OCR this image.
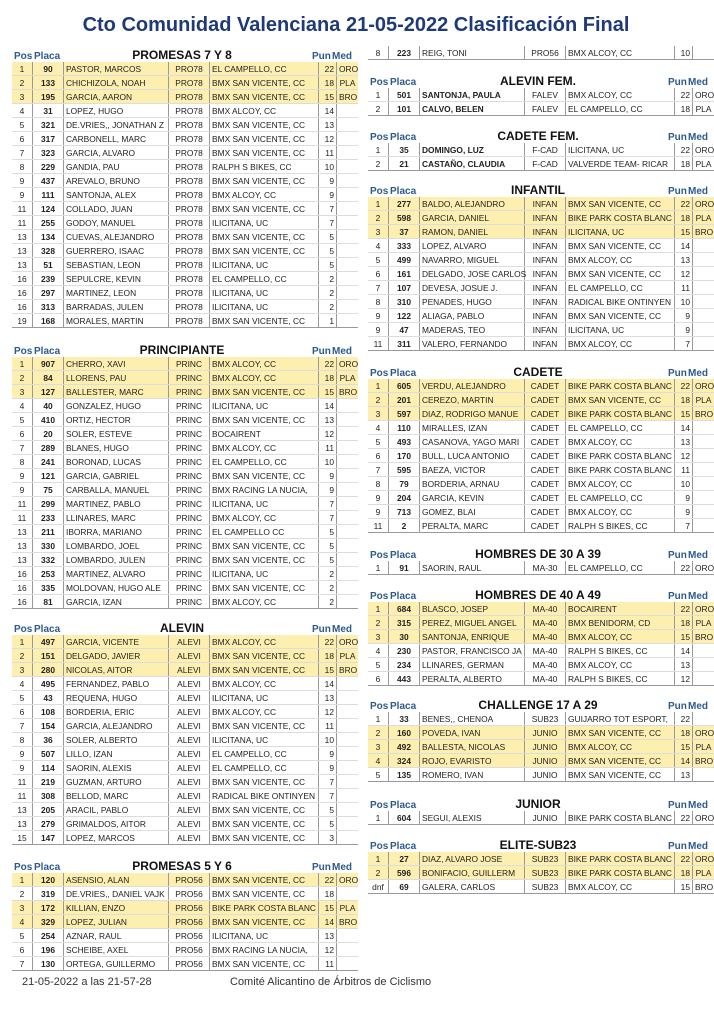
Cto Comunidad Valenciana 21-05-2022 Clasificación Final
Pos Placa	PROMESAS 7 Y 8	Pun Med
1	90	PASTOR, MARCOS	PRO78	EL CAMPELLO, CC	22	ORO
2	133	CHICHIZOLA, NOAH	PRO78	BMX SAN VICENTE, CC	18	PLA
3	195	GARCIA, AARON	PRO78	BMX SAN VICENTE, CC	15	BRO
4	31	LOPEZ, HUGO	PRO78	BMX ALCOY, CC	14	
5	321	DE.VRIES,, JONATHAN Z	PRO78	BMX SAN VICENTE, CC	13	
6	317	CARBONELL, MARC	PRO78	BMX SAN VICENTE, CC	12	
7	323	GARCIA, ALVARO	PRO78	BMX SAN VICENTE, CC	11	
8	229	GANDIA, PAU	PRO78	RALPH S BIKES, CC	10	
9	437	AREVALO, BRUNO	PRO78	BMX SAN VICENTE, CC	9	
9	111	SANTONJA, ALEX	PRO78	BMX ALCOY, CC	9	
11	124	COLLADO, JUAN	PRO78	BMX SAN VICENTE, CC	7	
11	255	GODOY, MANUEL	PRO78	ILICITANA, UC	7	
13	134	CUEVAS, ALEJANDRO	PRO78	BMX SAN VICENTE, CC	5	
13	328	GUERRERO, ISAAC	PRO78	BMX SAN VICENTE, CC	5	
13	51	SEBASTIAN, LEON	PRO78	ILICITANA, UC	5	
16	239	SEPULCRE, KEVIN	PRO78	EL CAMPELLO, CC	2	
16	297	MARTINEZ, LEON	PRO78	ILICITANA, UC	2	
16	313	BARRADAS, JULEN	PRO78	ILICITANA, UC	2	
19	168	MORALES, MARTIN	PRO78	BMX SAN VICENTE, CC	1	
Pos Placa	PRINCIPIANTE	Pun Med
1	907	CHERRO, XAVI	PRINC	BMX ALCOY, CC	22	ORO
2	84	LLORENS, PAU	PRINC	BMX ALCOY, CC	18	PLA
3	127	BALLESTER, MARC	PRINC	BMX SAN VICENTE, CC	15	BRO
4	40	GONZALEZ, HUGO	PRINC	ILICITANA, UC	14	
5	410	ORTIZ, HECTOR	PRINC	BMX SAN VICENTE, CC	13	
6	20	SOLER, ESTEVE	PRINC	BOCAIRENT	12	
7	289	BLANES, HUGO	PRINC	BMX ALCOY, CC	11	
8	241	BORONAD, LUCAS	PRINC	EL CAMPELLO, CC	10	
9	121	GARCIA, GABRIEL	PRINC	BMX SAN VICENTE, CC	9	
9	75	CARBALLA, MANUEL	PRINC	BMX RACING LA NUCIA,	9	
11	299	MARTINEZ, PABLO	PRINC	ILICITANA, UC	7	
11	233	LLINARES, MARC	PRINC	BMX ALCOY, CC	7	
13	211	IBORRA, MARIANO	PRINC	EL CAMPELLO CC	5	
13	330	LOMBARDO, JOEL	PRINC	BMX SAN VICENTE, CC	5	
13	332	LOMBARDO, JULEN	PRINC	BMX SAN VICENTE, CC	5	
16	253	MARTINEZ, ALVARO	PRINC	ILICITANA, UC	2	
16	335	MOLDOVAN, HUGO ALE	PRINC	BMX SAN VICENTE, CC	2	
16	81	GARCIA, IZAN	PRINC	BMX ALCOY, CC	2	
Pos Placa	ALEVIN	Pun Med
1	497	GARCIA, VICENTE	ALEVI	BMX ALCOY, CC	22	ORO
2	151	DELGADO, JAVIER	ALEVI	BMX SAN VICENTE, CC	18	PLA
3	280	NICOLAS, AITOR	ALEVI	BMX SAN VICENTE, CC	15	BRO
4	495	FERNANDEZ, PABLO	ALEVI	BMX ALCOY, CC	14	
5	43	REQUENA, HUGO	ALEVI	ILICITANA, UC	13	
6	108	BORDERIA, ERIC	ALEVI	BMX ALCOY, CC	12	
7	154	GARCIA, ALEJANDRO	ALEVI	BMX SAN VICENTE, CC	11	
8	36	SOLER, ALBERTO	ALEVI	ILICITANA, UC	10	
9	507	LILLO, IZAN	ALEVI	EL CAMPELLO, CC	9	
9	114	SAORIN, ALEXIS	ALEVI	EL CAMPELLO, CC	9	
11	219	GUZMAN, ARTURO	ALEVI	BMX SAN VICENTE, CC	7	
11	308	BELLOD, MARC	ALEVI	RADICAL BIKE ONTINYEN	7	
13	205	ARACIL, PABLO	ALEVI	BMX SAN VICENTE, CC	5	
13	279	GRIMALDOS, AITOR	ALEVI	BMX SAN VICENTE, CC	5	
15	147	LOPEZ, MARCOS	ALEVI	BMX SAN VICENTE, CC	3	
Pos Placa	PROMESAS 5 Y 6	Pun Med
1	120	ASENSIO, ALAN	PRO56	BMX SAN VICENTE, CC	22	ORO
2	319	DE.VRIES,, DANIEL VAJK	PRO56	BMX SAN VICENTE, CC	18	
3	172	KILLIAN, ENZO	PRO56	BIKE PARK COSTA BLANC	15	PLA
4	329	LOPEZ, JULIAN	PRO56	BMX SAN VICENTE, CC	14	BRO
5	254	AZNAR, RAUL	PRO56	ILICITANA, UC	13	
6	196	SCHEIBE, AXEL	PRO56	BMX RACING LA NUCIA,	12	
7	130	ORTEGA, GUILLERMO	PRO56	BMX SAN VICENTE, CC	11	
8	223	REIG, TONI	PRO56	BMX ALCOY, CC	10	
Pos Placa	ALEVIN FEM.	Pun Med
1	501	SANTONJA, PAULA	FALEV	BMX ALCOY, CC	22	ORO
2	101	CALVO, BELEN	FALEV	EL CAMPELLO, CC	18	PLA
Pos Placa	CADETE FEM.	Pun Med
1	35	DOMINGO, LUZ	F-CAD	ILICITANA, UC	22	ORO
2	21	CASTAÑO, CLAUDIA	F-CAD	VALVERDE TEAM- RICAR	18	PLA
Pos Placa	INFANTIL	Pun Med
1	277	BALDO, ALEJANDRO	INFAN	BMX SAN VICENTE, CC	22	ORO
2	598	GARCIA, DANIEL	INFAN	BIKE PARK COSTA BLANC	18	PLA
3	37	RAMON, DANIEL	INFAN	ILICITANA, UC	15	BRO
4	333	LOPEZ, ALVARO	INFAN	BMX SAN VICENTE, CC	14	
5	499	NAVARRO, MIGUEL	INFAN	BMX ALCOY, CC	13	
6	161	DELGADO, JOSE CARLOS	INFAN	BMX SAN VICENTE, CC	12	
7	107	DEVESA, JOSUE J.	INFAN	EL CAMPELLO, CC	11	
8	310	PENADES, HUGO	INFAN	RADICAL BIKE ONTINYEN	10	
9	122	ALIAGA, PABLO	INFAN	BMX SAN VICENTE, CC	9	
9	47	MADERAS, TEO	INFAN	ILICITANA, UC	9	
11	311	VALERO, FERNANDO	INFAN	BMX ALCOY, CC	7	
Pos Placa	CADETE	Pun Med
1	605	VERDU, ALEJANDRO	CADET	BIKE PARK COSTA BLANC	22	ORO
2	201	CEREZO, MARTIN	CADET	BMX SAN VICENTE, CC	18	PLA
3	597	DIAZ, RODRIGO MANUE	CADET	BIKE PARK COSTA BLANC	15	BRO
4	110	MIRALLES, IZAN	CADET	EL CAMPELLO, CC	14	
5	493	CASANOVA, YAGO MARI	CADET	BMX ALCOY, CC	13	
6	170	BULL, LUCA ANTONIO	CADET	BIKE PARK COSTA BLANC	12	
7	595	BAEZA, VICTOR	CADET	BIKE PARK COSTA BLANC	11	
8	79	BORDERIA, ARNAU	CADET	BMX ALCOY, CC	10	
9	204	GARCIA, KEVIN	CADET	EL CAMPELLO, CC	9	
9	713	GOMEZ, BLAI	CADET	BMX ALCOY, CC	9	
11	2	PERALTA, MARC	CADET	RALPH S BIKES, CC	7	
Pos Placa	HOMBRES DE 30 A 39	Pun Med
1	91	SAORIN, RAUL	MA-30	EL CAMPELLO, CC	22	ORO
Pos Placa	HOMBRES DE 40 A 49	Pun Med
1	684	BLASCO, JOSEP	MA-40	BOCAIRENT	22	ORO
2	315	PEREZ, MIGUEL ANGEL	MA-40	BMX BENIDORM, CD	18	PLA
3	30	SANTONJA, ENRIQUE	MA-40	BMX ALCOY, CC	15	BRO
4	230	PASTOR, FRANCISCO JA	MA-40	RALPH S BIKES, CC	14	
5	234	LLINARES, GERMAN	MA-40	BMX ALCOY, CC	13	
6	443	PERALTA, ALBERTO	MA-40	RALPH S BIKES, CC	12	
Pos Placa	CHALLENGE 17 A 29	Pun Med
1	33	BENES,, CHENOA	SUB23	GUIJARRO TOT ESPORT,	22	
2	160	POVEDA, IVAN	JUNIO	BMX SAN VICENTE, CC	18	ORO
3	492	BALLESTA, NICOLAS	JUNIO	BMX ALCOY, CC	15	PLA
4	324	ROJO, EVARISTO	JUNIO	BMX SAN VICENTE, CC	14	BRO
5	135	ROMERO, IVAN	JUNIO	BMX SAN VICENTE, CC	13	
Pos Placa	JUNIOR	Pun Med
1	604	SEGUI, ALEXIS	JUNIO	BIKE PARK COSTA BLANC	22	ORO
Pos Placa	ELITE-SUB23	Pun Med
1	27	DIAZ, ALVARO JOSE	SUB23	BIKE PARK COSTA BLANC	22	ORO
2	596	BONIFACIO, GUILLERM	SUB23	BIKE PARK COSTA BLANC	18	PLA
dnf	69	GALERA, CARLOS	SUB23	BMX ALCOY, CC	15	BRO
21-05-2022 a las 21-57-28	Comité Alicantino de Árbitros de Ciclismo
